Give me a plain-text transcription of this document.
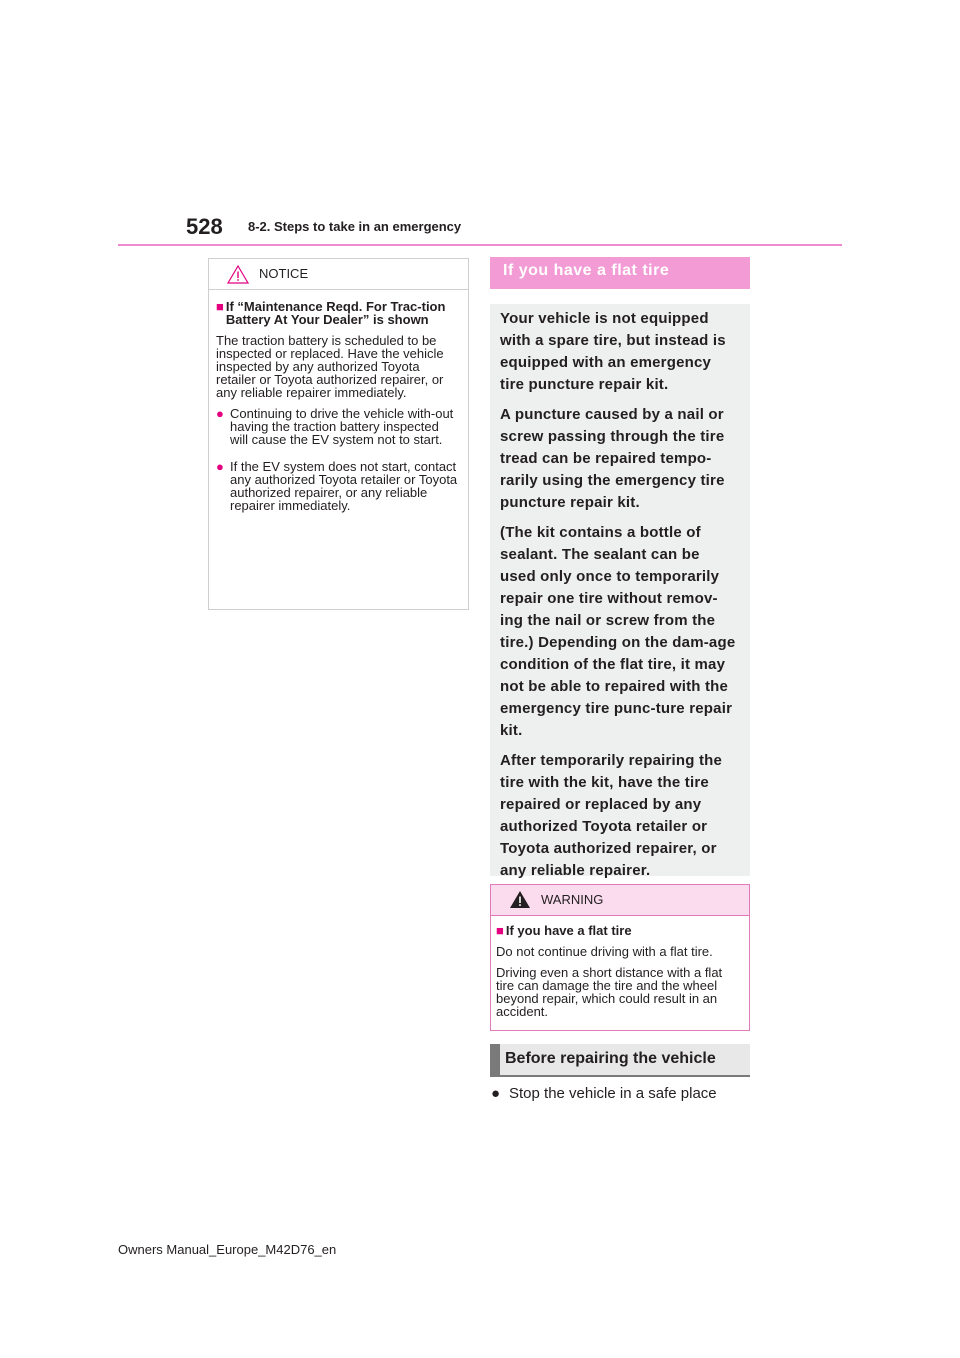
528 8-2. Steps to take in an emergency
NOTICE
■ If “Maintenance Reqd. For Trac-tion Battery At Your Dealer” is shown

The traction battery is scheduled to be inspected or replaced. Have the vehicle inspected by any authorized Toyota retailer or Toyota authorized repairer, or any reliable repairer immediately.

● Continuing to drive the vehicle with-out having the traction battery inspected will cause the EV system not to start.
● If the EV system does not start, contact any authorized Toyota retailer or Toyota authorized repairer, or any reliable repairer immediately.
If you have a flat tire

Your vehicle is not equipped with a spare tire, but instead is equipped with an emergency tire puncture repair kit.

A puncture caused by a nail or screw passing through the tire tread can be repaired tempo-rarily using the emergency tire puncture repair kit.

(The kit contains a bottle of sealant. The sealant can be used only once to temporarily repair one tire without remov-ing the nail or screw from the tire.) Depending on the dam-age condition of the flat tire, it may not be able to repaired with the emergency tire punc-ture repair kit.

After temporarily repairing the tire with the kit, have the tire repaired or replaced by any authorized Toyota retailer or Toyota authorized repairer, or any reliable repairer.

WARNING
■ If you have a flat tire

Do not continue driving with a flat tire.

Driving even a short distance with a flat tire can damage the tire and the wheel beyond repair, which could result in an accident.

Before repairing the vehicle
● Stop the vehicle in a safe place
Owners Manual_Europe_M42D76_en
